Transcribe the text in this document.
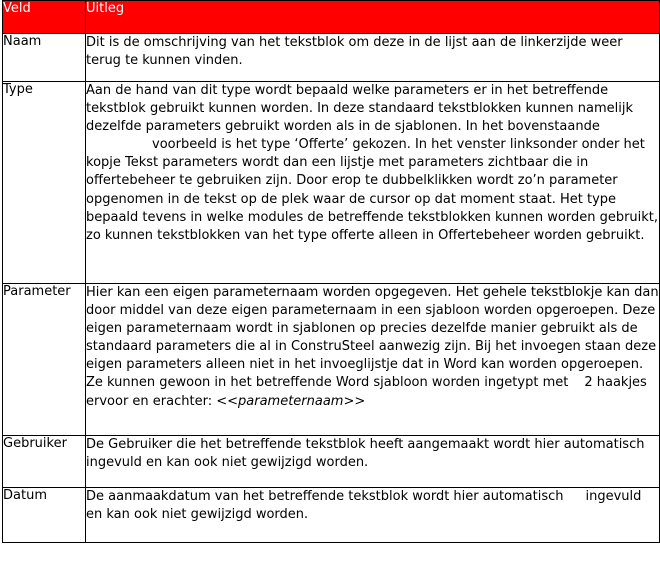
Veld	Uitleg
Naam	Dit is de omschrijving van het tekstblok om deze in de lijst aan de linkerzijde weer terug te kunnen vinden.
Type	Aan de hand van dit type wordt bepaald welke parameters er in het betreffende tekstblok gebruikt kunnen worden. In deze standaard tekstblokken kunnen namelijk dezelfde parameters gebruikt worden als in de sjablonen. In het bovenstaande
voorbeeld is het type ‘Offerte’ gekozen. In het venster linksonder onder het kopje Tekst parameters wordt dan een lijstje met parameters zichtbaar die in offertebeheer te gebruiken zijn. Door erop te dubbelklikken wordt zo’n parameter opgenomen in de tekst op de plek waar de cursor op dat moment staat. Het type bepaald tevens in welke modules de betreffende tekstblokken kunnen worden gebruikt, zo kunnen tekstblokken van het type offerte alleen in Offertebeheer worden gebruikt.
Parameter	Hier kan een eigen parameternaam worden opgegeven. Het gehele tekstblokje kan dan door middel van deze eigen parameternaam in een sjabloon worden opgeroepen. Deze eigen parameternaam wordt in sjablonen op precies dezelfde manier gebruikt als de standaard parameters die al in ConstruSteel aanwezig zijn. Bij het invoegen staan deze eigen parameters alleen niet in het invoeglijstje dat in Word kan worden opgeroepen. Ze kunnen gewoon in het betreffende Word sjabloon worden ingetypt met 2 haakjes ervoor en erachter: <<parameternaam>>
Gebruiker	De Gebruiker die het betreffende tekstblok heeft aangemaakt wordt hier automatisch ingevuld en kan ook niet gewijzigd worden.
Datum	De aanmaakdatum van het betreffende tekstblok wordt hier automatisch ingevuld en kan ook niet gewijzigd worden.
